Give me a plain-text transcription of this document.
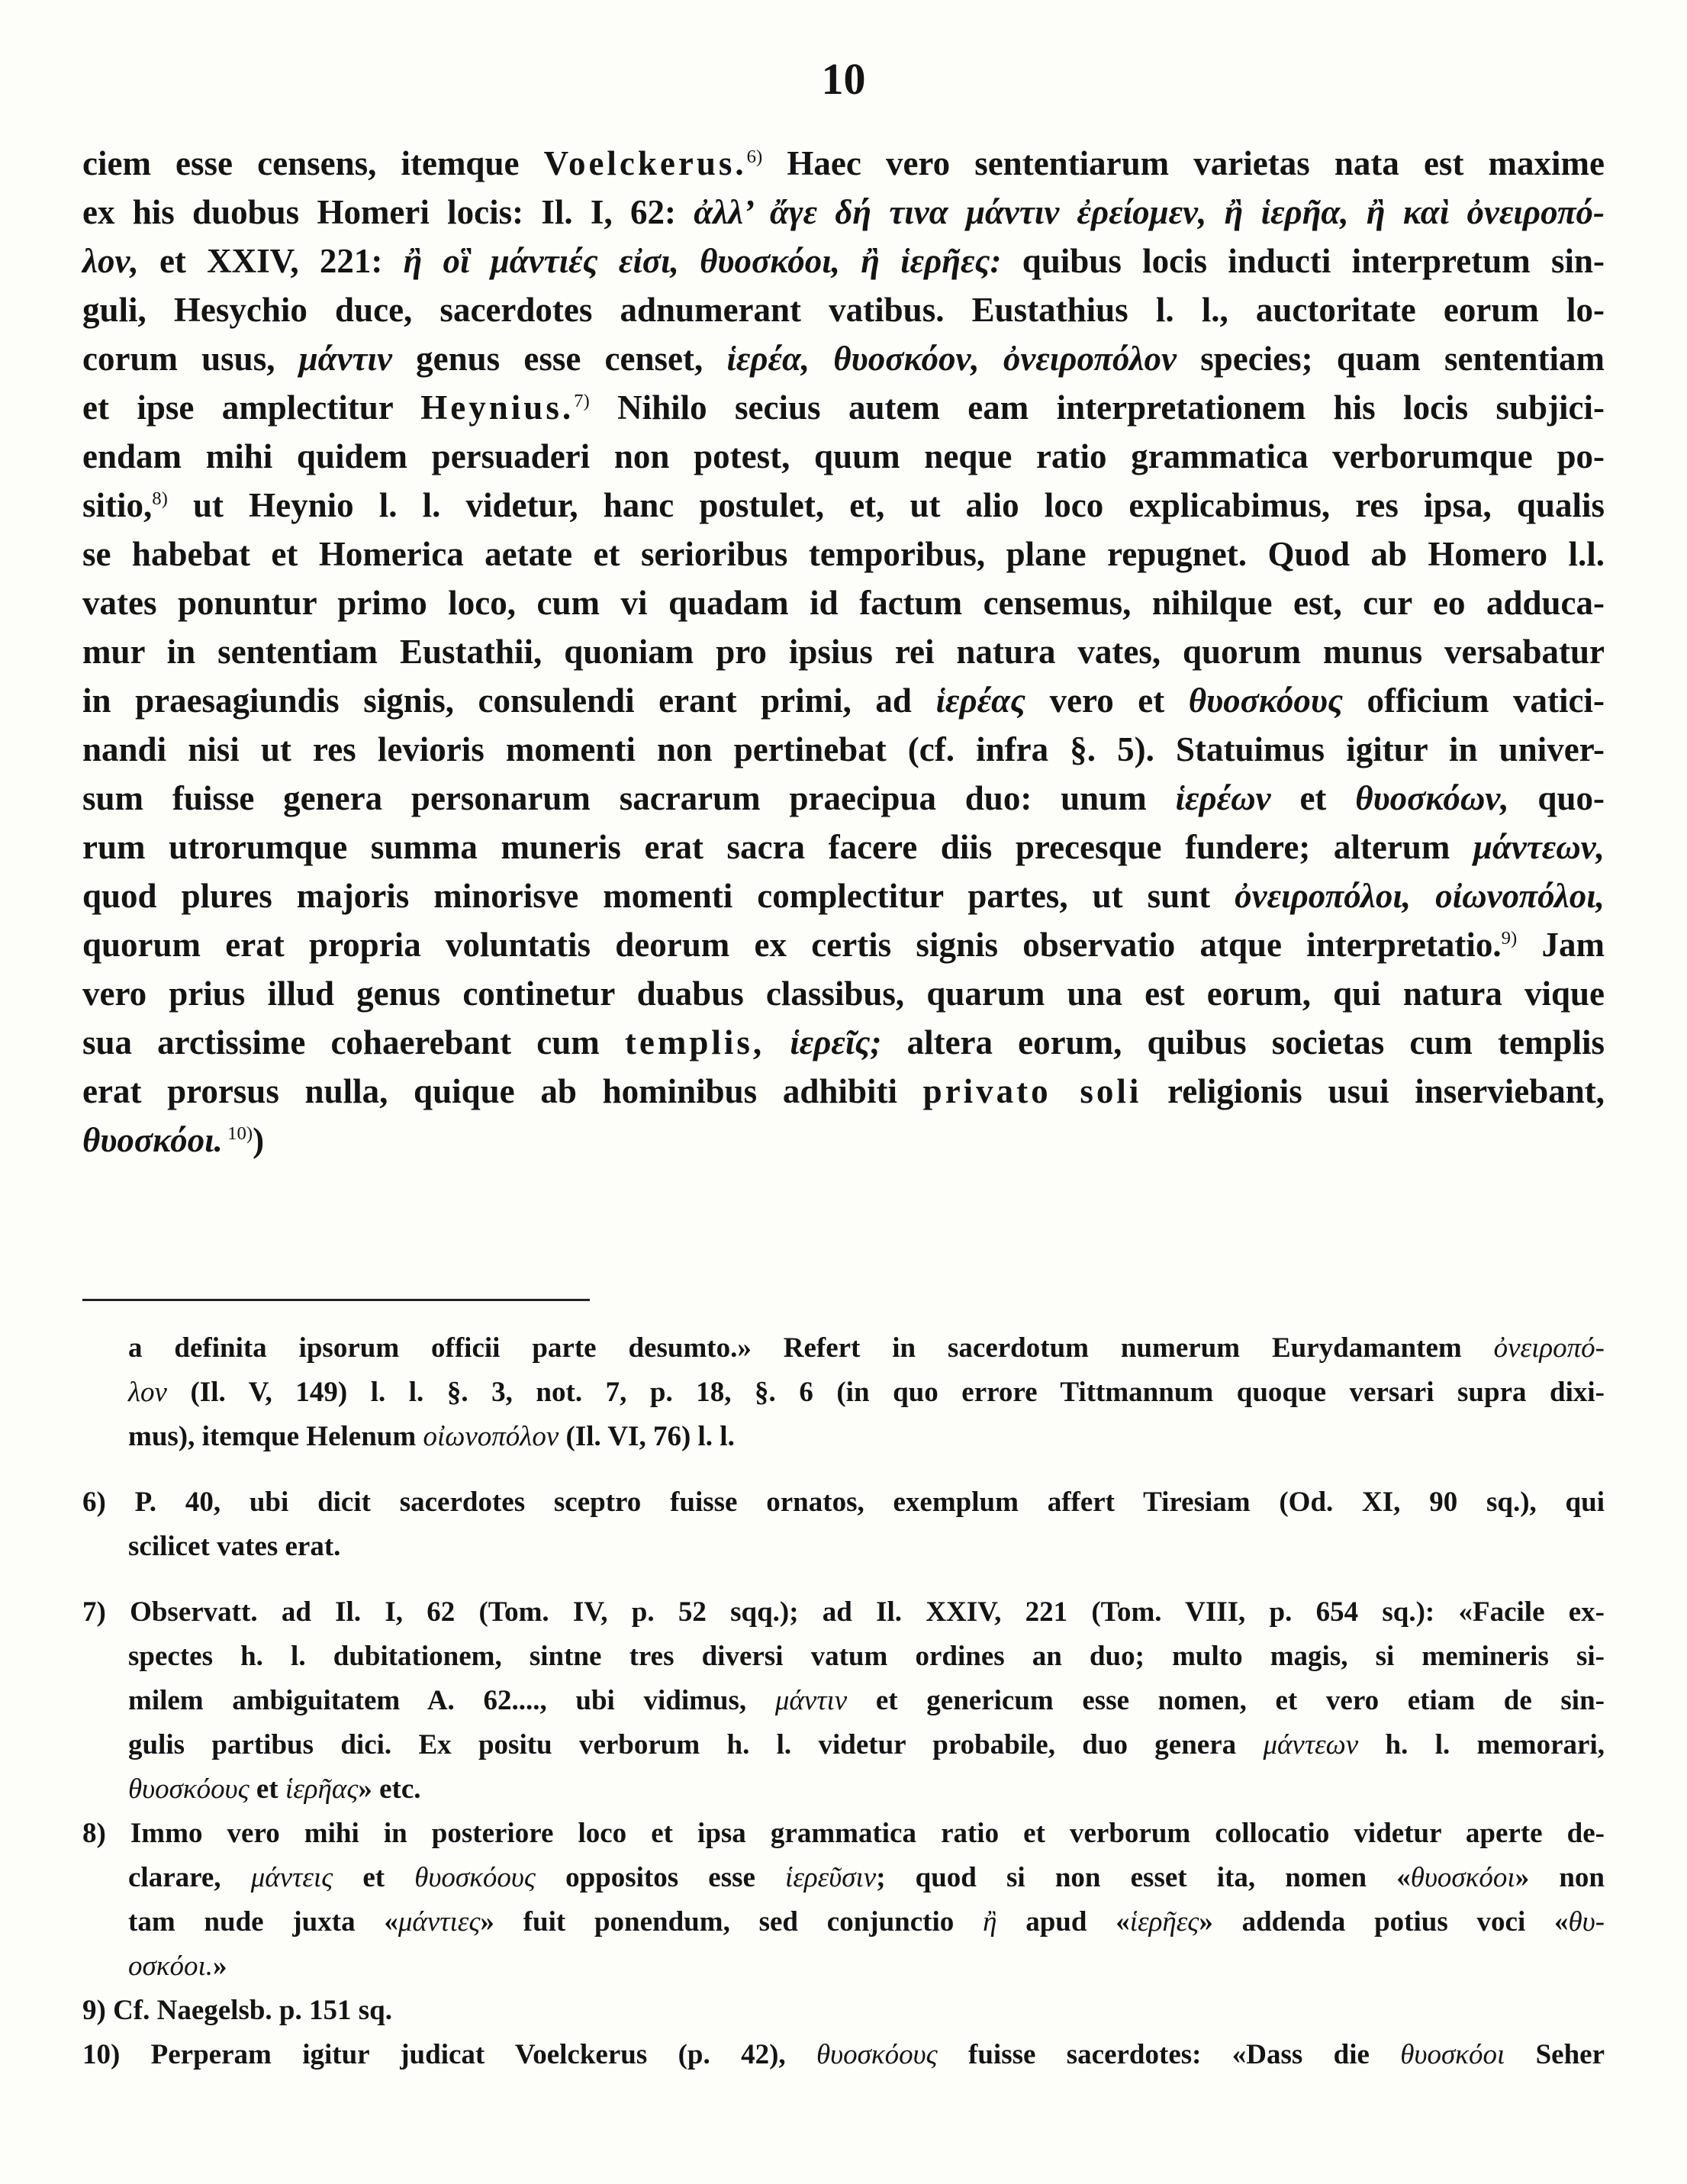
10
ciem esse censens, itemque Voelckerus.$^{6)}$ Haec vero sententiarum varietas nata est maxime
ex his duobus Homeri locis: Il. I, 62: ἀλλ’ ἄγε δή τινα μάντιν ἐρείομεν, ἢ ἱερῆα, ἢ καὶ ὀνειροπό-
λον, et XXIV, 221: ἢ οἳ μάντιές εἰσι, θυοσκόοι, ἢ ἱερῆες: quibus locis inducti interpretum sin-
guli, Hesychio duce, sacerdotes adnumerant vatibus. Eustathius l. l., auctoritate eorum lo-
corum usus, μάντιν genus esse censet, ἱερέα, θυοσκόον, ὀνειροπόλον species; quam sententiam
et ipse amplectitur Heynius.$^{7)}$ Nihilo secius autem eam interpretationem his locis subjici-
endam mihi quidem persuaderi non potest, quum neque ratio grammatica verborumque po-
sitio,$^{8)}$ ut Heynio l. l. videtur, hanc postulet, et, ut alio loco explicabimus, res ipsa, qualis
se habebat et Homerica aetate et serioribus temporibus, plane repugnet. Quod ab Homero l.l.
vates ponuntur primo loco, cum vi quadam id factum censemus, nihilque est, cur eo adduca-
mur in sententiam Eustathii, quoniam pro ipsius rei natura vates, quorum munus versabatur
in praesagiundis signis, consulendi erant primi, ad ἱερέας vero et θυοσκόους officium vatici-
nandi nisi ut res levioris momenti non pertinebat (cf. infra §. 5). Statuimus igitur in univer-
sum fuisse genera personarum sacrarum praecipua duo: unum ἱερέων et θυοσκόων, quo-
rum utrorumque summa muneris erat sacra facere diis precesque fundere; alterum μάντεων,
quod plures majoris minorisve momenti complectitur partes, ut sunt ὀνειροπόλοι, οἰωνοπόλοι,
quorum erat propria voluntatis deorum ex certis signis observatio atque interpretatio.$^{9)}$ Jam
vero prius illud genus continetur duabus classibus, quarum una est eorum, qui natura vique
sua arctissime cohaerebant cum templis, ἱερεῖς; altera eorum, quibus societas cum templis
erat prorsus nulla, quique ab hominibus adhibiti privato soli religionis usui inserviebant,
θυοσκόοι. $^{10)}$)
a definita ipsorum officii parte desumto.» Refert in sacerdotum numerum Eurydamantem ὀνειροπό-
λον (Il. V, 149) l. l. §. 3, not. 7, p. 18, §. 6 (in quo errore Tittmannum quoque versari supra dixi-
mus), itemque Helenum οἰωνοπόλον (Il. VI, 76) l. l.
6) P. 40, ubi dicit sacerdotes sceptro fuisse ornatos, exemplum affert Tiresiam (Od. XI, 90 sq.), qui
scilicet vates erat.
7) Observatt. ad Il. I, 62 (Tom. IV, p. 52 sqq.); ad Il. XXIV, 221 (Tom. VIII, p. 654 sq.): «Facile ex-
spectes h. l. dubitationem, sintne tres diversi vatum ordines an duo; multo magis, si memineris si-
milem ambiguitatem A. 62...., ubi vidimus, μάντιν et genericum esse nomen, et vero etiam de sin-
gulis partibus dici. Ex positu verborum h. l. videtur probabile, duo genera μάντεων h. l. memorari,
θυοσκόους et ἱερῆας» etc.
8) Immo vero mihi in posteriore loco et ipsa grammatica ratio et verborum collocatio videtur aperte de-
clarare, μάντεις et θυοσκόους oppositos esse ἱερεῦσιν; quod si non esset ita, nomen «θυοσκόοι» non
tam nude juxta «μάντιες» fuit ponendum, sed conjunctio ἢ apud «ἱερῆες» addenda potius voci «θυ-
οσκόοι.»
9) Cf. Naegelsb. p. 151 sq.
10) Perperam igitur judicat Voelckerus (p. 42), θυοσκόους fuisse sacerdotes: «Dass die θυοσκόοι Seher
